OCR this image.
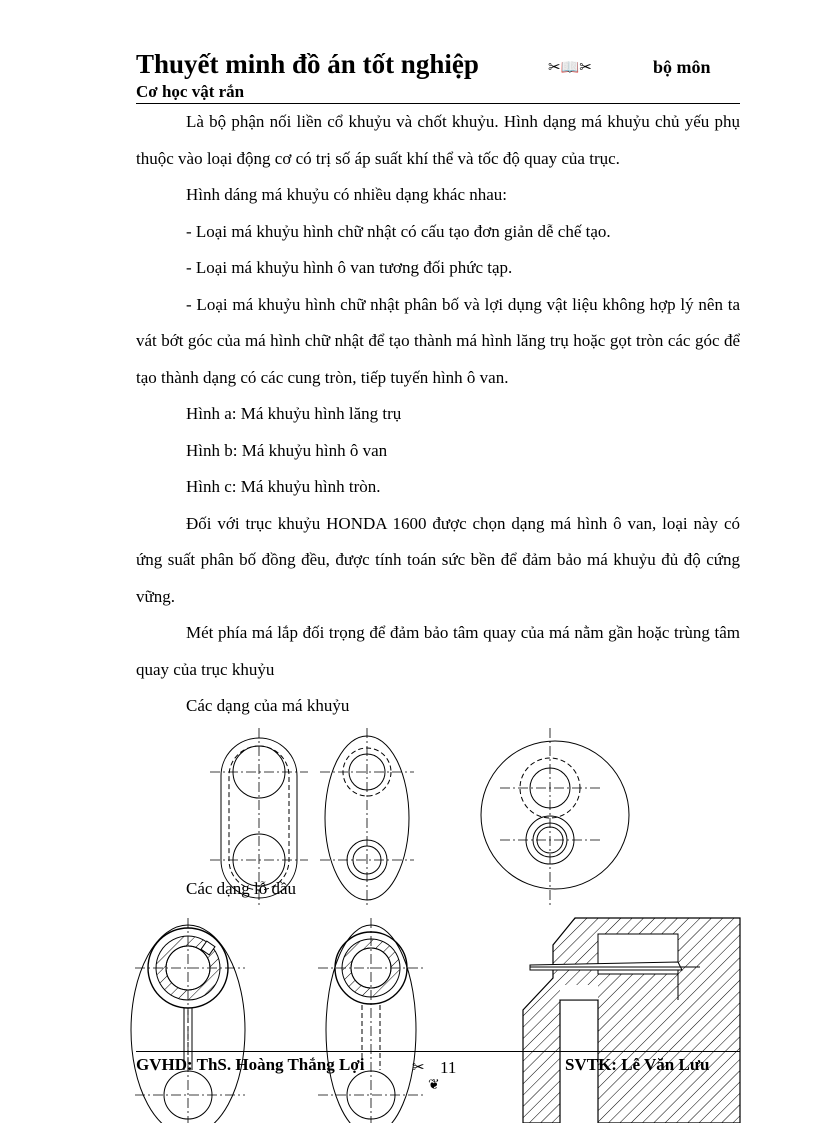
Thuyết minh đồ án tốt nghiệp	✂📖✂	bộ môn
Cơ học vật rắn

Là bộ phận nối liền cổ khuỷu và chốt khuỷu. Hình dạng má khuỷu chủ yếu phụ thuộc vào loại động cơ có trị số áp suất khí thể và tốc độ quay của trục.

Hình dáng má khuỷu có nhiều dạng khác nhau:

- Loại má khuỷu hình chữ nhật có cấu tạo đơn giản dễ chế tạo.

- Loại má khuỷu hình ô van tương đối phức tạp.

- Loại má khuỷu hình chữ nhật phân bố và lợi dụng vật liệu không hợp lý nên ta vát bớt góc của má hình chữ nhật để tạo thành má hình lăng trụ hoặc gọt tròn các góc để tạo thành dạng có các cung tròn, tiếp tuyến hình ô van.

Hình a: Má khuỷu hình lăng trụ

Hình b: Má khuỷu hình ô van

Hình c: Má khuỷu hình tròn.

Đối với trục khuỷu HONDA 1600 được chọn dạng má hình ô van, loại này có ứng suất phân bố đồng đều, được tính toán sức bền để đảm bảo má khuỷu đủ độ cứng vững.

Mét phía má lắp đối trọng để đảm bảo tâm quay của má nằm gần hoặc trùng tâm quay của trục khuỷu

Các dạng của má khuỷu

Các dạng lỗ dầu
GVHD: ThS. Hoàng Thắng Lợi	✂ 11
❦
SVTK: Lê Văn Lưu
